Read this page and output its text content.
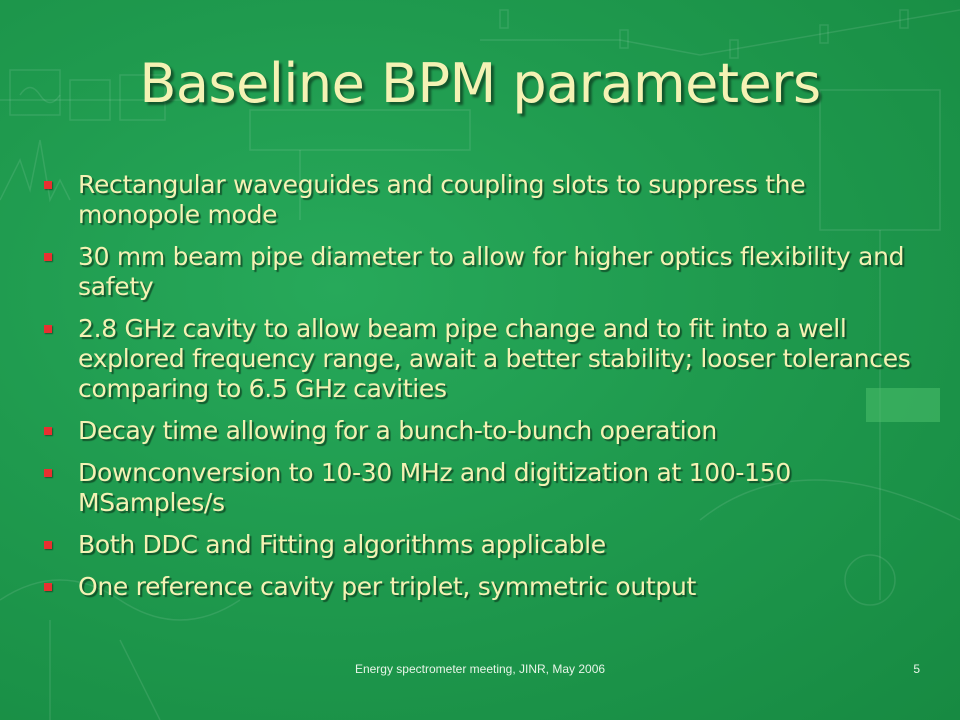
Baseline BPM parameters
Rectangular waveguides and coupling slots to suppress the monopole mode
30 mm beam pipe diameter to allow for higher optics flexibility and safety
2.8 GHz cavity to allow beam pipe change and to fit into a well explored frequency range, await a better stability; looser tolerances comparing to 6.5 GHz cavities
Decay time allowing for a bunch-to-bunch operation
Downconversion to 10-30 MHz and digitization at 100-150 MSamples/s
Both DDC and Fitting algorithms applicable
One reference cavity per triplet, symmetric output
Energy spectrometer meeting, JINR, May 2006	5
